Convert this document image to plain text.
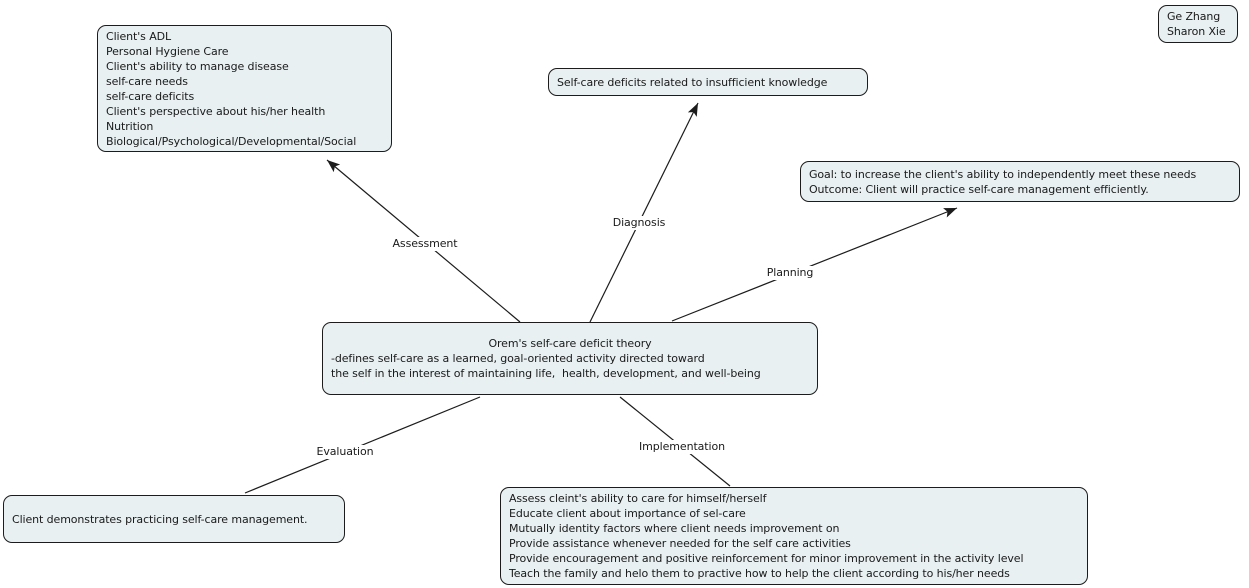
Assessment
Diagnosis
Planning
Evaluation	Implementation
Client's ADL
Personal Hygiene Care
Client's ability to manage disease
self-care needs
self-care deficits
Client's perspective about his/her health
Nutrition
Biological/Psychological/Developmental/Social
Self-care deficits related to insufficient knowledge
Goal: to increase the client's ability to independently meet these needs
Outcome: Client will practice self-care management efficiently.
Orem's self-care deficit theory
-defines self-care as a learned, goal-oriented activity directed toward
the self in the interest of maintaining life,  health, development, and well-being
Client demonstrates practicing self-care management.
Assess cleint's ability to care for himself/herself
Educate client about importance of sel-care
Mutually identity factors where client needs improvement on
Provide assistance whenever needed for the self care activities
Provide encouragement and positive reinforcement for minor improvement in the activity level
Teach the family and helo them to practive how to help the client according to his/her needs
Ge Zhang
Sharon Xie
